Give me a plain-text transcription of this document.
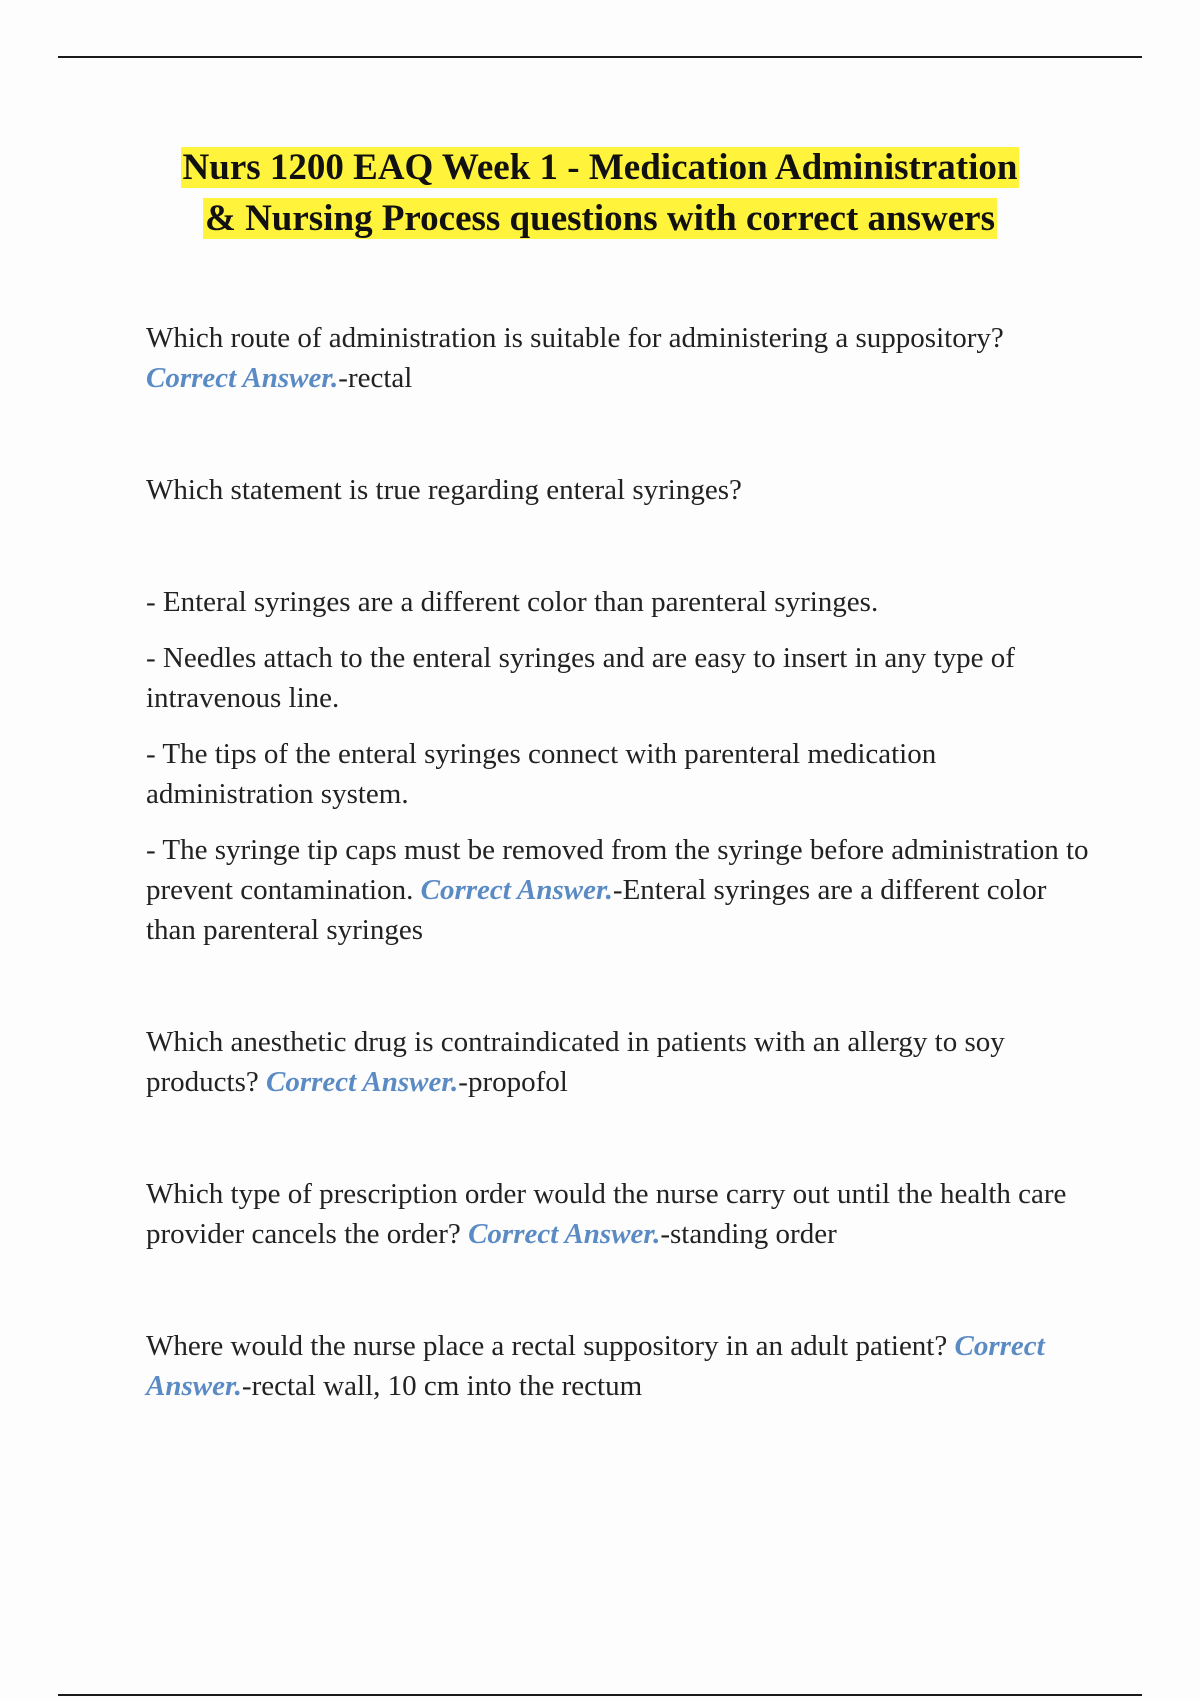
Nurs 1200 EAQ Week 1 - Medication Administration
& Nursing Process questions with correct answers

Which route of administration is suitable for administering a suppository? Correct Answer.-rectal

Which statement is true regarding enteral syringes?

- Enteral syringes are a different color than parenteral syringes.

- Needles attach to the enteral syringes and are easy to insert in any type of intravenous line.

- The tips of the enteral syringes connect with parenteral medication administration system.

- The syringe tip caps must be removed from the syringe before administration to prevent contamination. Correct Answer.-Enteral syringes are a different color than parenteral syringes

Which anesthetic drug is contraindicated in patients with an allergy to soy products? Correct Answer.-propofol

Which type of prescription order would the nurse carry out until the health care provider cancels the order? Correct Answer.-standing order

Where would the nurse place a rectal suppository in an adult patient? Correct Answer.-rectal wall, 10 cm into the rectum
